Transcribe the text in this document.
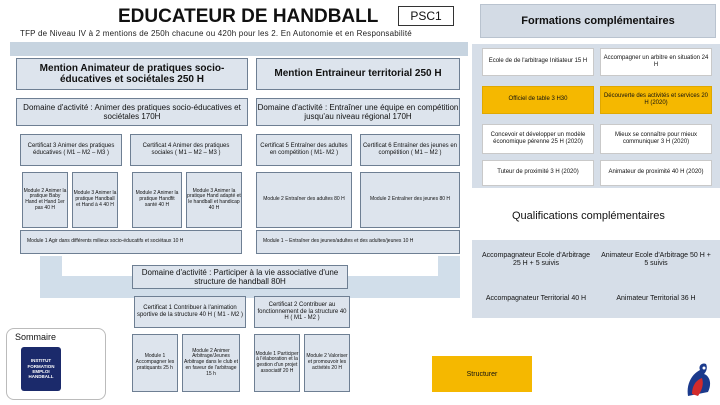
EDUCATEUR DE HANDBALL	PSC1
TFP de Niveau IV à 2 mentions de 250h chacune ou 420h pour les 2. En Autonomie et en Responsabilité
Mention Animateur de pratiques socio-éducatives et sociétales 250 H
Mention Entraineur territorial 250 H
Domaine d'activité : Animer des pratiques socio-éducatives et sociétales 170H
Domaine d'activité : Entraîner une équipe en compétition jusqu'au niveau régional 170H
Certificat 3 Animer des pratiques éducatives ( M1 – M2 – M3 )
Certificat 4 Animer des pratiques sociales ( M1 – M2 – M3 )
Certificat 5 Entraîner des adultes en compétition ( M1- M2 )
Certificat 6 Entraîner des jeunes en compétition ( M1 – M2 )
Module 2 Animer la pratique Baby Hand et Hand 1er pas 40 H
Module 3 Animer la pratique Handball et Hand à 4 40 H
Module 2 Animer la pratique Handfit santé 40 H
Module 3 Animer la pratique Hand adapté et le handball et handicap 40 H
Module 2 Entraîner des adultes 80 H	Module 2 Entraîner des jeunes 80 H
Module 1 Agir dans différents milieux socio-éducatifs et sociétaux 10 H	Module 1 – Entraîner des jeunes/adultes et des adultes/jeunes 10 H
Domaine d'activité : Participer à la vie associative d'une structure de handball 80H
Certificat 1 Contribuer à l'animation sportive de la structure 40 H ( M1 - M2 )
Certificat 2 Contribuer au fonctionnement de la structure 40 H ( M1 - M2 )
Module 1 Accompagner les pratiquants 25 h
Module 2 Animer Arbitrage/Jeunes Arbitrage dans le club et en faveur de l'arbitrage 15 h
Module 1 Participer à l'élaboration et la gestion d'un projet associatif 20 H
Module 2 Valoriser et promouvoir les activités 20 H
Sommaire
INSTITUT
FORMATION
EMPLOI
HANDBALL
Formations complémentaires
Ecole de de l'arbitrage Initiateur 15 H
Accompagner un arbitre en situation 24 H
Officiel de table 3 H30
Découverte des activités et services 20 H (2020)
Concevoir et développer un modèle économique pérenne 25 H (2020)
Mieux se connaître pour mieux communiquer 3 H (2020)
Tuteur de proximité 3 H (2020)	Animateur de proximité 40 H (2020)
Qualifications complémentaires
Accompagnateur Ecole d'Arbitrage 25 H + 5 suivis
Animateur Ecole d'Arbitrage 50 H + 5 suivis
Accompagnateur Territorial 40 H	Animateur Territorial 36 H
Structurer
